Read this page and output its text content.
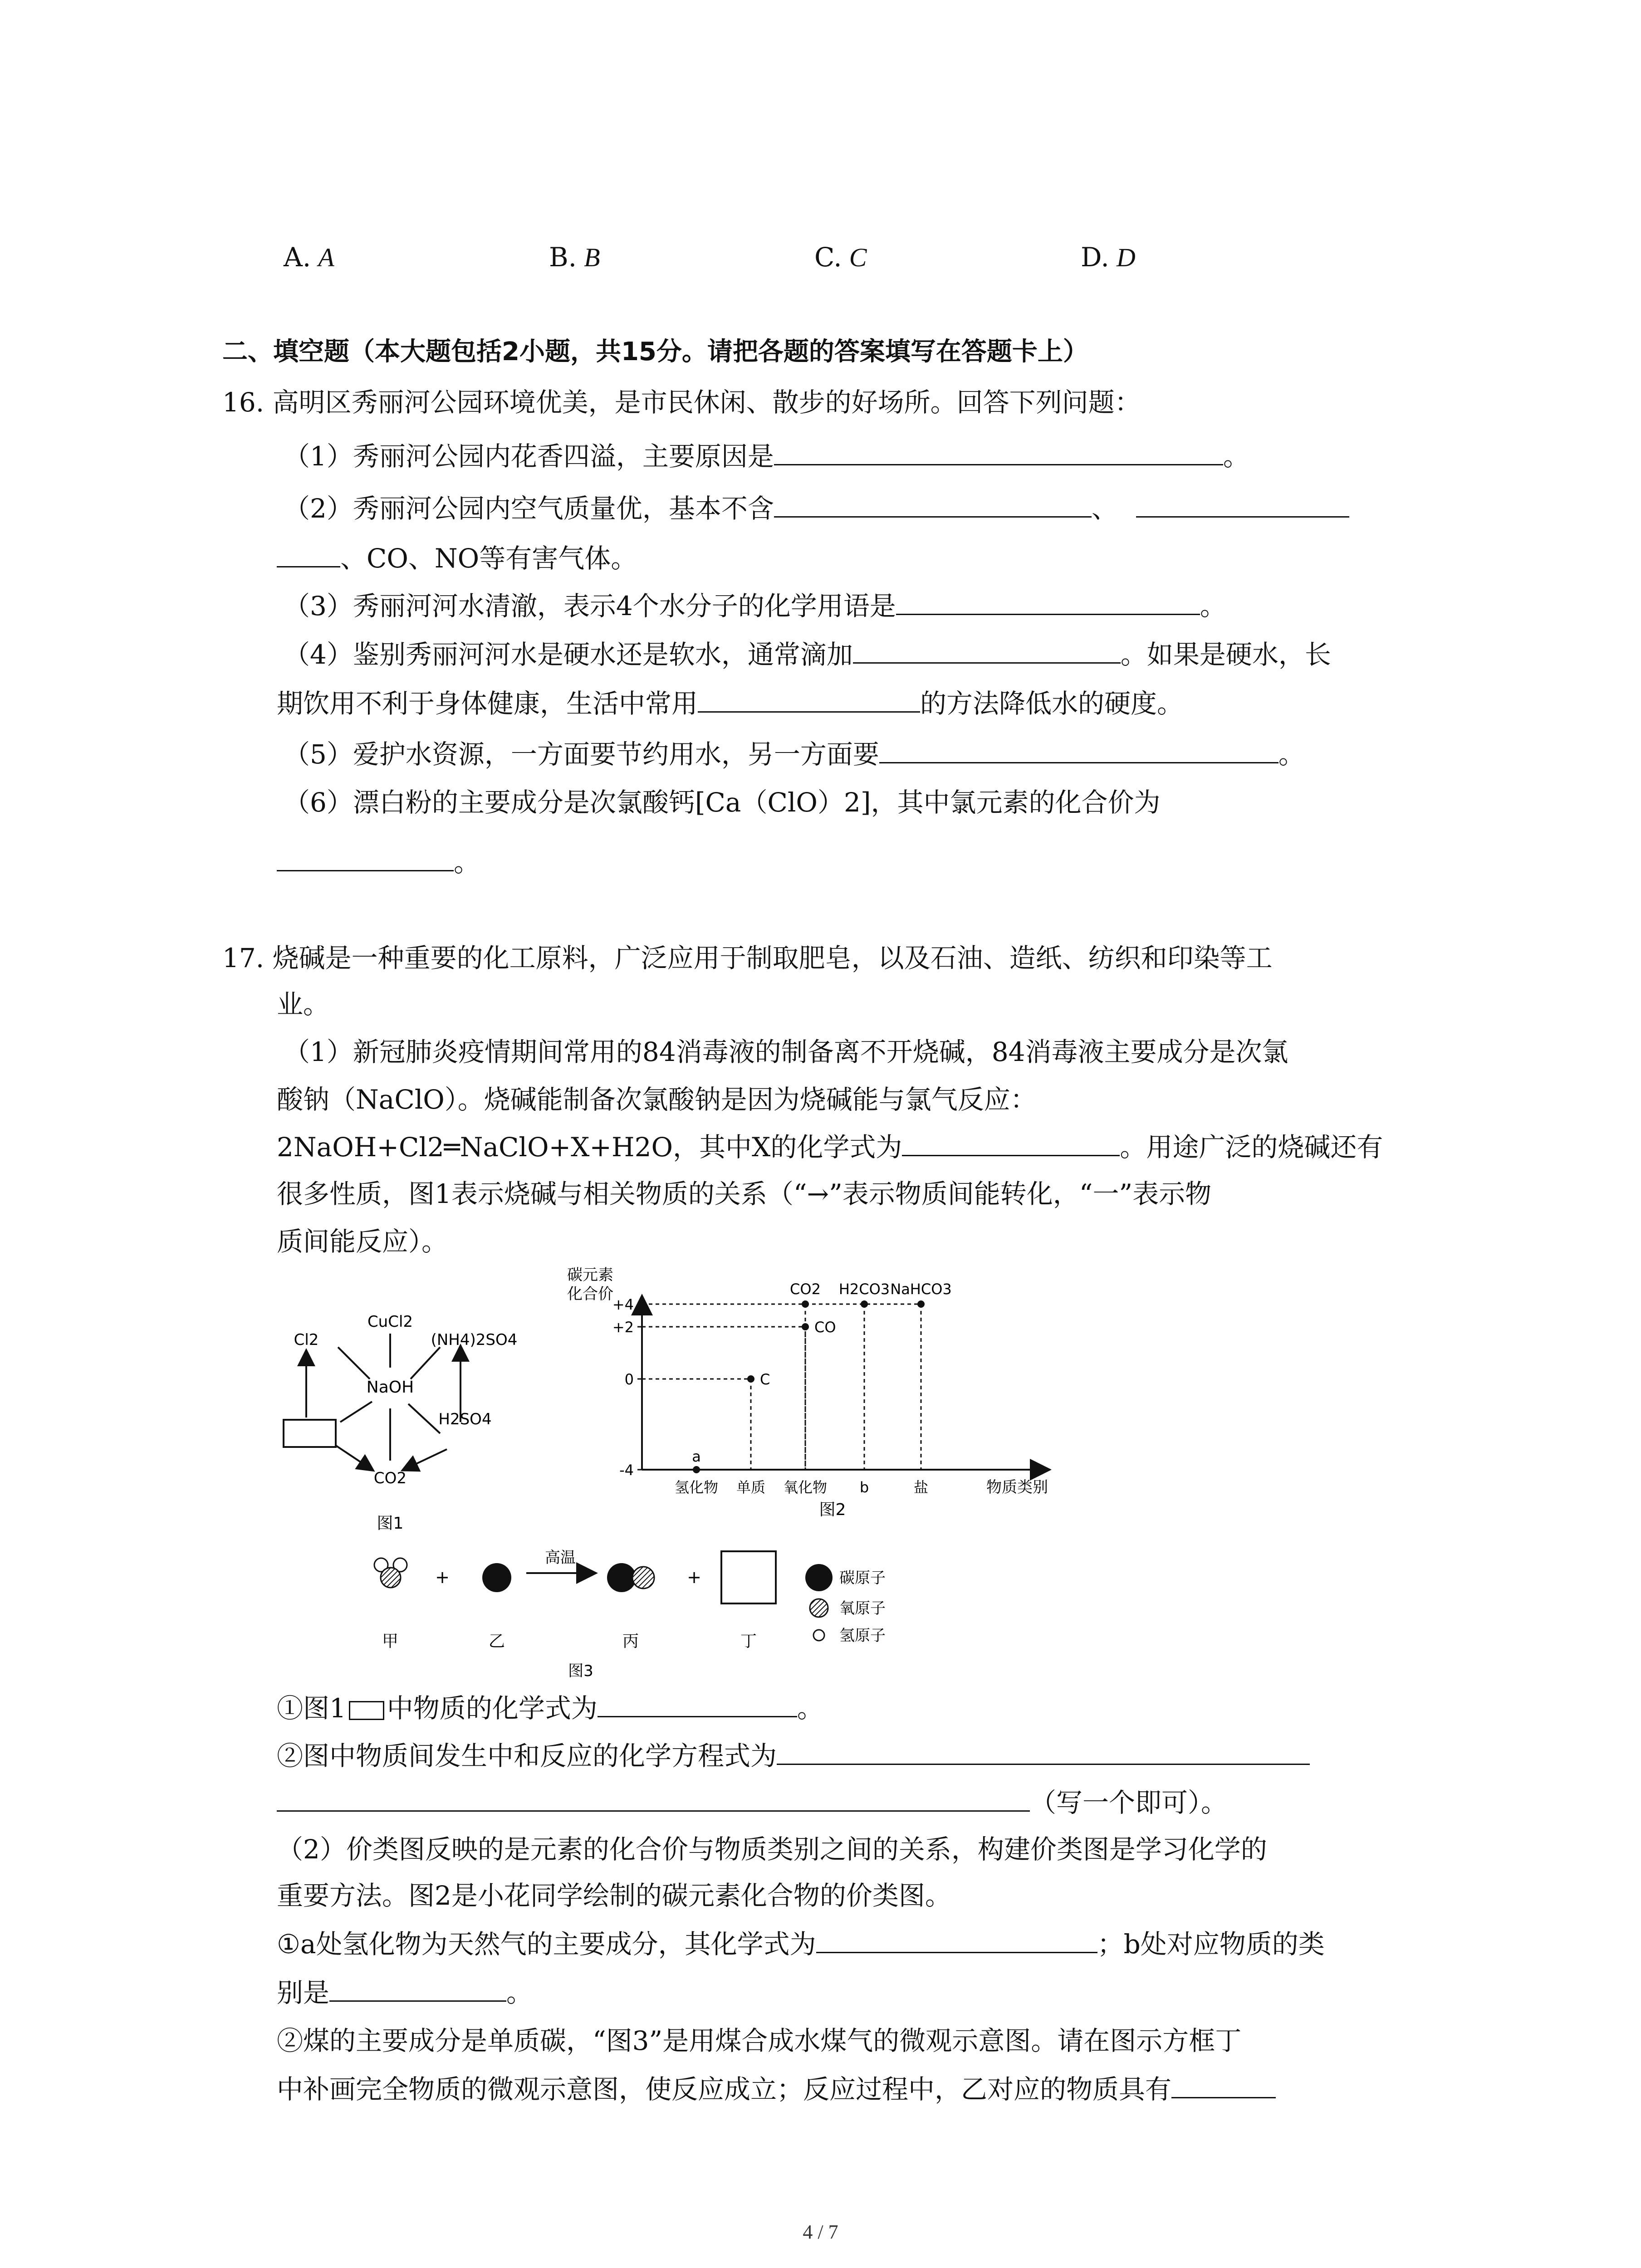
A. A	B. B	C. C	D. D
二、填空题（本大题包括2小题，共15分。请把各题的答案填写在答题卡上）
16. 高明区秀丽河公园环境优美，是市民休闲、散步的好场所。回答下列问题：
（1）秀丽河公园内花香四溢，主要原因是	。
（2）秀丽河公园内空气质量优，基本不含	、
、CO、NO等有害气体。
（3）秀丽河河水清澈，表示4个水分子的化学用语是	。
（4）鉴别秀丽河河水是硬水还是软水，通常滴加	。如果是硬水，长
期饮用不利于身体健康，生活中常用	的方法降低水的硬度。
（5）爱护水资源，一方面要节约用水，另一方面要	。
（6）漂白粉的主要成分是次氯酸钙[Ca（ClO）2]，其中氯元素的化合价为
。
17. 烧碱是一种重要的化工原料，广泛应用于制取肥皂，以及石油、造纸、纺织和印染等工
业。
（1）新冠肺炎疫情期间常用的84消毒液的制备离不开烧碱，84消毒液主要成分是次氯
酸钠（NaClO）。烧碱能制备次氯酸钠是因为烧碱能与氯气反应：
2NaOH+Cl2═NaClO+X+H2O，其中X的化学式为	。用途广泛的烧碱还有
很多性质，图1表示烧碱与相关物质的关系（“→”表示物质间能转化，“一”表示物
质间能反应）。
CuCl2
Cl2	(NH4)2SO4
NaOH
H2SO4
CO2
图1
碳元素
化合价
+4
+2
0
-4
氢化物 单质 氧化物 b	盐
a
C
CO
CO2 H2CO3 NaHCO3
物质类别
图2
+
高温
+	碳原子
氧原子
氢原子
甲	乙	丙	丁
图3
①图1 中物质的化学式为	。
②图中物质间发生中和反应的化学方程式为
（写一个即可）。
（2）价类图反映的是元素的化合价与物质类别之间的关系，构建价类图是学习化学的
重要方法。图2是小花同学绘制的碳元素化合物的价类图。
①a处氢化物为天然气的主要成分，其化学式为	；b处对应物质的类
别是	。
②煤的主要成分是单质碳，“图3”是用煤合成水煤气的微观示意图。请在图示方框丁
中补画完全物质的微观示意图，使反应成立；反应过程中，乙对应的物质具有
4 / 7
